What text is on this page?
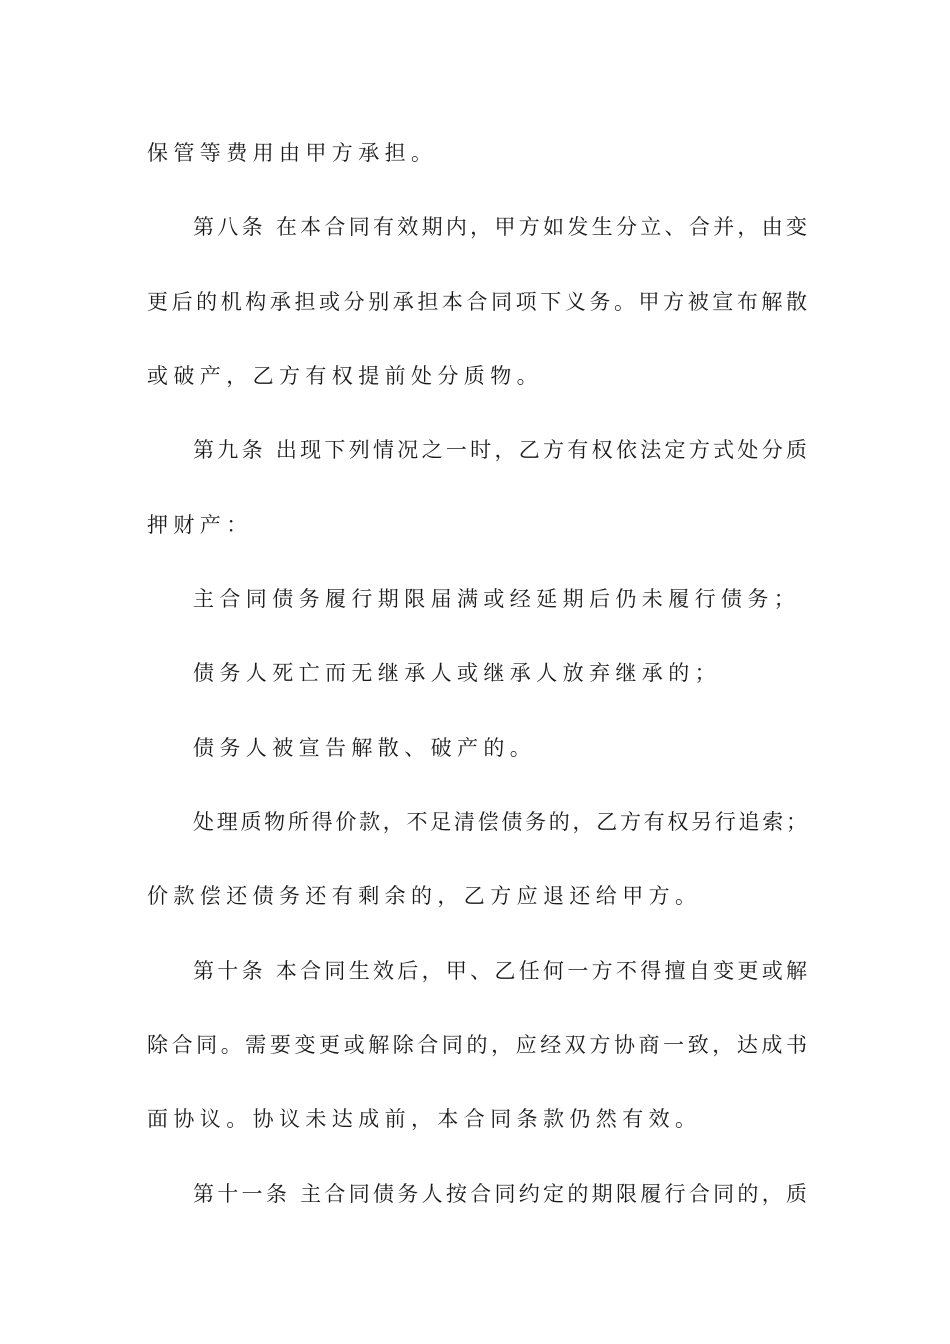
保管等费用由甲方承担。
第八条 在本合同有效期内，甲方如发生分立、合并，由变
更后的机构承担或分别承担本合同项下义务。甲方被宣布解散
或破产，乙方有权提前处分质物。
第九条 出现下列情况之一时，乙方有权依法定方式处分质
押财产：
主合同债务履行期限届满或经延期后仍未履行债务；
债务人死亡而无继承人或继承人放弃继承的；
债务人被宣告解散、破产的。
处理质物所得价款，不足清偿债务的，乙方有权另行追索；
价款偿还债务还有剩余的，乙方应退还给甲方。
第十条 本合同生效后，甲、乙任何一方不得擅自变更或解
除合同。需要变更或解除合同的，应经双方协商一致，达成书
面协议。协议未达成前，本合同条款仍然有效。
第十一条 主合同债务人按合同约定的期限履行合同的，质
